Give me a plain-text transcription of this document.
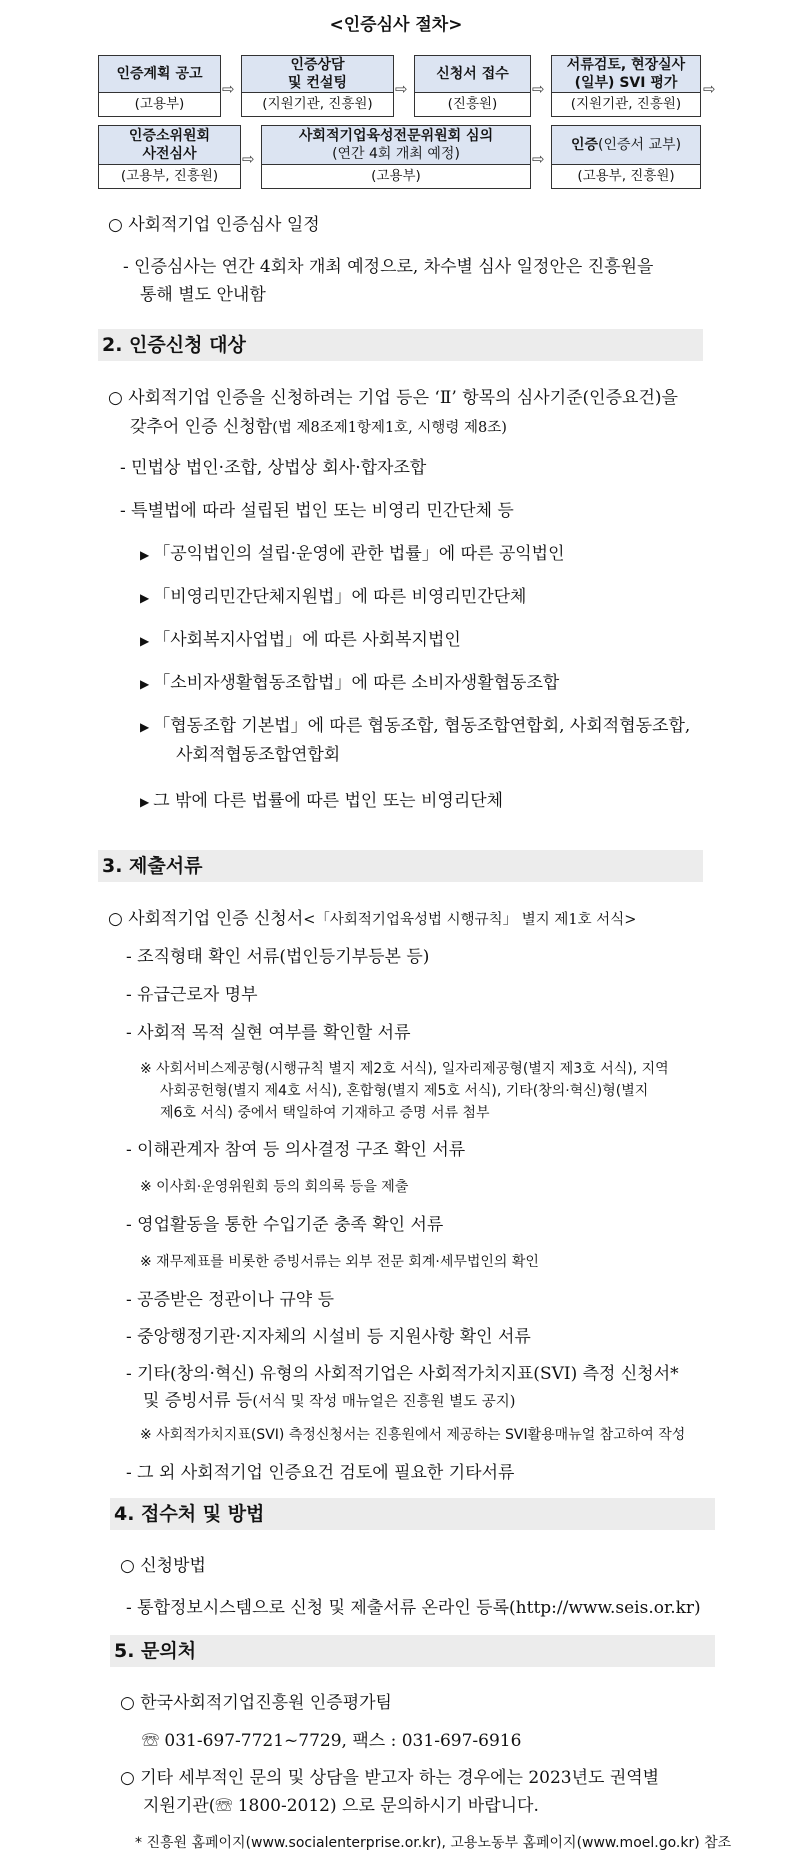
<인증심사 절차>
인증계획 공고
(고용부)
⇨
인증상담
및 컨설팅
(지원기관, 진흥원)
⇨
신청서 접수
(진흥원)
⇨
서류검토, 현장실사
(일부) SVI 평가
(지원기관, 진흥원)
⇨
인증소위원회
사전심사
(고용부, 진흥원)
⇨
사회적기업육성전문위원회 심의
(연간 4회 개최 예정)
(고용부)
⇨
인증 (인증서 교부)
(고용부, 진흥원)
○ 사회적기업 인증심사 일정
- 인증심사는 연간 4회차 개최 예정으로, 차수별 심사 일정안은 진흥원을
통해 별도 안내함
2. 인증신청 대상
○ 사회적기업 인증을 신청하려는 기업 등은 ‘Ⅱ’ 항목의 심사기준(인증요건)을
갖추어 인증 신청함(법 제8조제1항제1호, 시행령 제8조)
- 민법상 법인·조합, 상법상 회사·합자조합
- 특별법에 따라 설립된 법인 또는 비영리 민간단체 등
▶ 「공익법인의 설립·운영에 관한 법률」에 따른 공익법인
▶ 「비영리민간단체지원법」에 따른 비영리민간단체
▶ 「사회복지사업법」에 따른 사회복지법인
▶ 「소비자생활협동조합법」에 따른 소비자생활협동조합
▶ 「협동조합 기본법」에 따른 협동조합, 협동조합연합회, 사회적협동조합,
사회적협동조합연합회
▶ 그 밖에 다른 법률에 따른 법인 또는 비영리단체
3. 제출서류
○ 사회적기업 인증 신청서<「사회적기업육성법 시행규칙」 별지 제1호 서식>
- 조직형태 확인 서류(법인등기부등본 등)
- 유급근로자 명부
- 사회적 목적 실현 여부를 확인할 서류
※ 사회서비스제공형(시행규칙 별지 제2호 서식), 일자리제공형(별지 제3호 서식), 지역
사회공헌형(별지 제4호 서식), 혼합형(별지 제5호 서식), 기타(창의·혁신)형(별지
제6호 서식) 중에서 택일하여 기재하고 증명 서류 첨부
- 이해관계자 참여 등 의사결정 구조 확인 서류
※ 이사회·운영위원회 등의 회의록 등을 제출
- 영업활동을 통한 수입기준 충족 확인 서류
※ 재무제표를 비롯한 증빙서류는 외부 전문 회계·세무법인의 확인
- 공증받은 정관이나 규약 등
- 중앙행정기관·지자체의 시설비 등 지원사항 확인 서류
- 기타(창의·혁신) 유형의 사회적기업은 사회적가치지표(SVI) 측정 신청서*
및 증빙서류 등(서식 및 작성 매뉴얼은 진흥원 별도 공지)
※ 사회적가치지표(SVI) 측정신청서는 진흥원에서 제공하는 SVI활용매뉴얼 참고하여 작성
- 그 외 사회적기업 인증요건 검토에 필요한 기타서류
4. 접수처 및 방법
○ 신청방법
- 통합정보시스템으로 신청 및 제출서류 온라인 등록(http://www.seis.or.kr)
5. 문의처
○ 한국사회적기업진흥원 인증평가팀
☏ 031-697-7721~7729, 팩스 : 031-697-6916
○ 기타 세부적인 문의 및 상담을 받고자 하는 경우에는 2023년도 권역별
지원기관(☏ 1800-2012) 으로 문의하시기 바랍니다.
* 진흥원 홈페이지(www.socialenterprise.or.kr), 고용노동부 홈페이지(www.moel.go.kr) 참조
